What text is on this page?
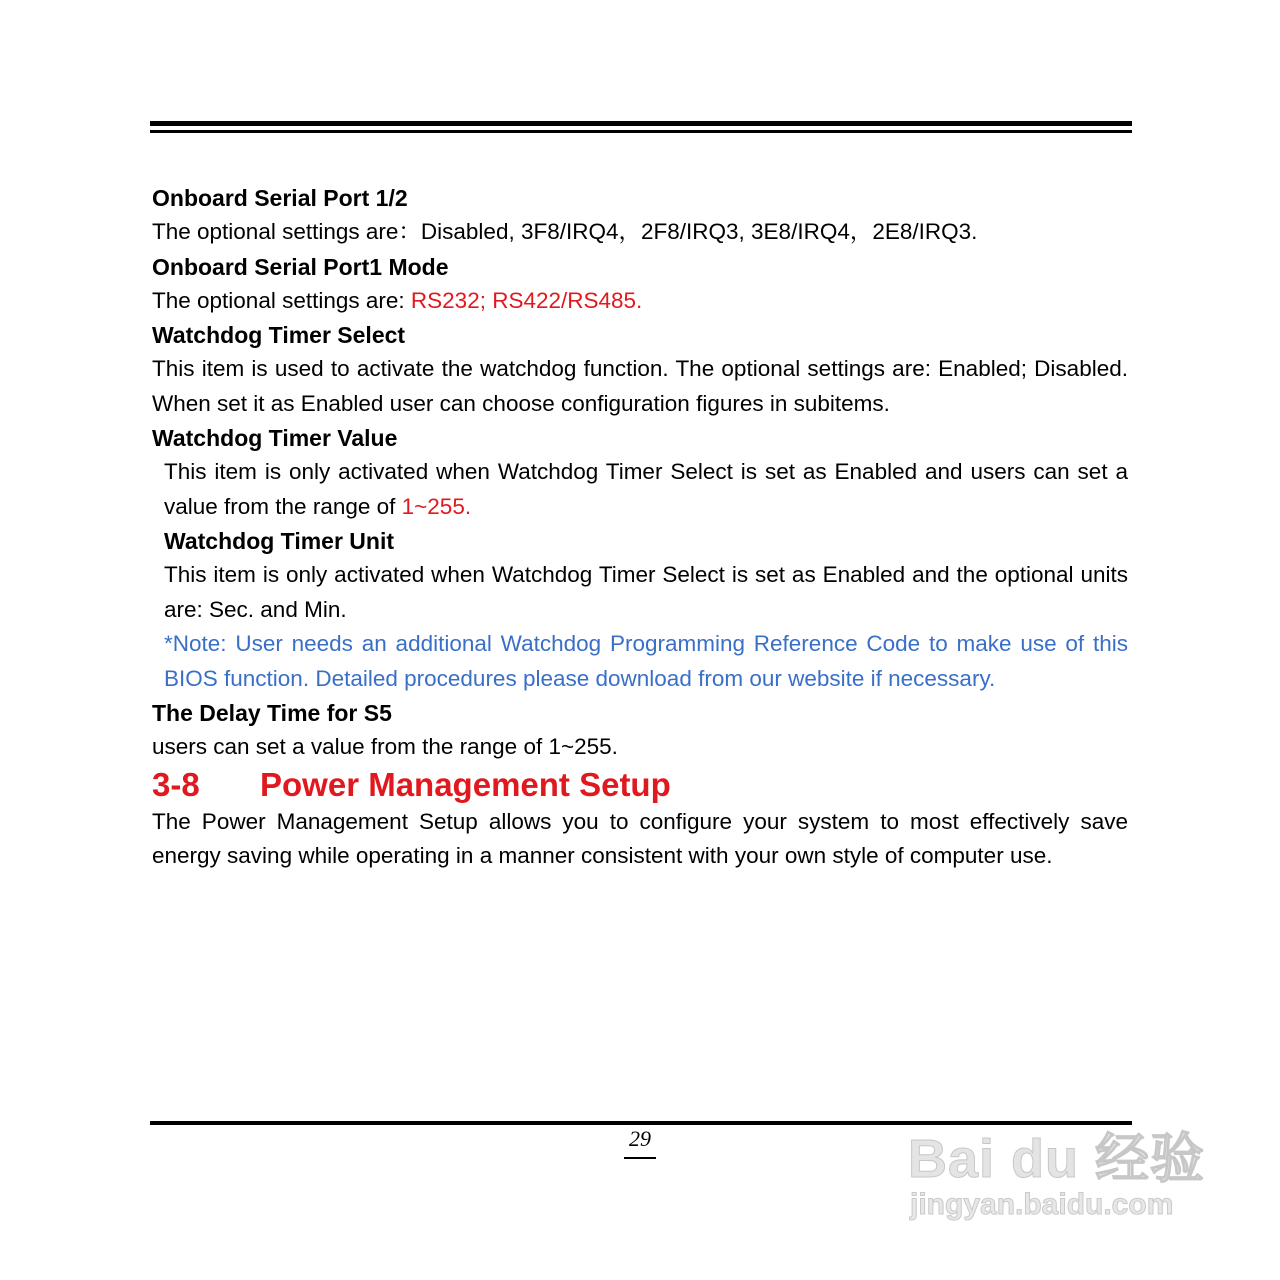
Onboard Serial Port 1/2

The optional settings are：Disabled, 3F8/IRQ4，2F8/IRQ3, 3E8/IRQ4，2E8/IRQ3.

Onboard Serial Port1 Mode

The optional settings are: RS232; RS422/RS485.

Watchdog Timer Select

This item is used to activate the watchdog function. The optional settings are: Enabled; Disabled. When set it as Enabled user can choose configuration figures in subitems.

Watchdog Timer Value

This item is only activated when Watchdog Timer Select is set as Enabled and users can set a value from the range of 1~255.

Watchdog Timer Unit

This item is only activated when Watchdog Timer Select is set as Enabled and the optional units are: Sec. and Min.

*Note: User needs an additional Watchdog Programming Reference Code to make use of this BIOS function. Detailed procedures please download from our website if necessary.

The Delay Time for S5

users can set a value from the range of 1~255.

3-8 Power Management Setup

The Power Management Setup allows you to configure your system to most effectively save energy saving while operating in a manner consistent with your own style of computer use.

29	Bai du 经验
jingyan.baidu.com
